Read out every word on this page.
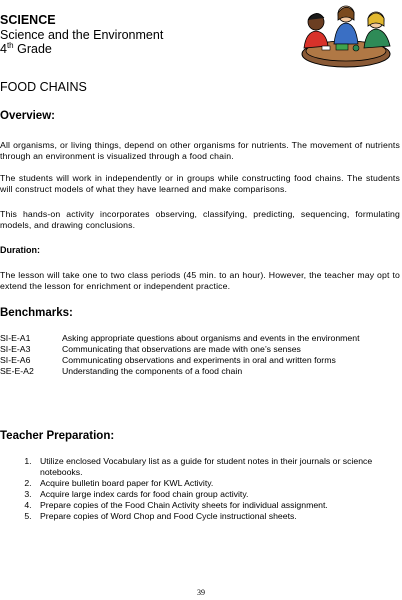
SCIENCE
Science and the Environment
4th Grade
FOOD CHAINS
Overview:

All organisms, or living things, depend on other organisms for nutrients. The movement of nutrients through an environment is visualized through a food chain.

The students will work in independently or in groups while constructing food chains. The students will construct models of what they have learned and make comparisons.

This hands-on activity incorporates observing, classifying, predicting, sequencing, formulating models, and drawing conclusions.

Duration:

The lesson will take one to two class periods (45 min. to an hour). However, the teacher may opt to extend the lesson for enrichment or independent practice.

Benchmarks:
SI-E-A1	Asking appropriate questions about organisms and events in the environment
SI-E-A3	Communicating that observations are made with one’s senses
SI-E-A6	Communicating observations and experiments in oral and written forms
SE-E-A2	Understanding the components of a food chain
Teacher Preparation:
1. Utilize enclosed Vocabulary list as a guide for student notes in their journals or science notebooks.
2. Acquire bulletin board paper for KWL Activity.
3. Acquire large index cards for food chain group activity.
4. Prepare copies of the Food Chain Activity sheets for individual assignment.
5. Prepare copies of Word Chop and Food Cycle instructional sheets.
39
